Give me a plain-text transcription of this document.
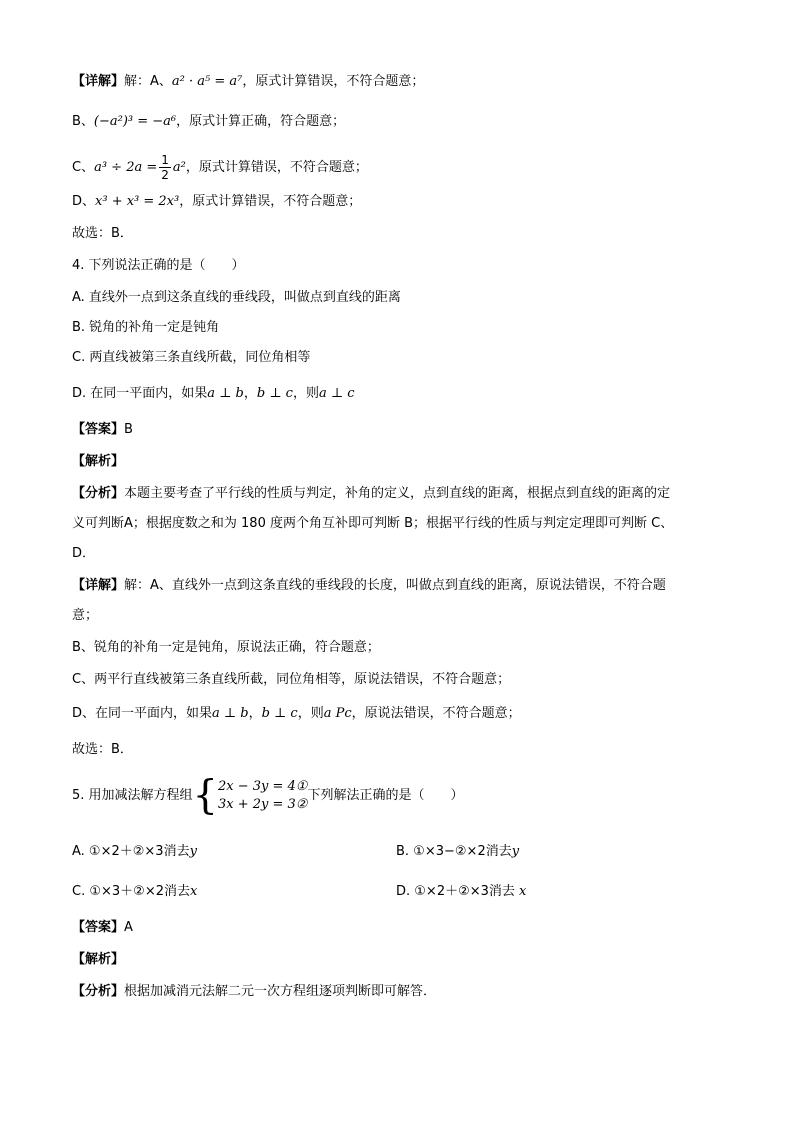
【详解】解：A、a² · a⁵ = a⁷，原式计算错误，不符合题意；
B、(−a²)³ = −a⁶，原式计算正确，符合题意；
C、$a^3 \div 2a = \frac{1}{2} a^2$，原式计算错误，不符合题意；
D、x³ + x³ = 2x³，原式计算错误，不符合题意；
故选：B．
4. 下列说法正确的是（　　）
A. 直线外一点到这条直线的垂线段，叫做点到直线的距离
B. 锐角的补角一定是钝角
C. 两直线被第三条直线所截，同位角相等
D. 在同一平面内，如果a ⊥ b，b ⊥ c，则a ⊥ c
【答案】B
【解析】
【分析】本题主要考查了平行线的性质与判定，补角的定义，点到直线的距离，根据点到直线的距离的定
义可判断A；根据度数之和为 180 度两个角互补即可判断 B；根据平行线的性质与判定定理即可判断 C、
D．
【详解】解：A、直线外一点到这条直线的垂线段的长度，叫做点到直线的距离，原说法错误，不符合题
意；
B、锐角的补角一定是钝角，原说法正确，符合题意；
C、两平行直线被第三条直线所截，同位角相等，原说法错误，不符合题意；
D、在同一平面内，如果a ⊥ b，b ⊥ c，则a Pc，原说法错误，不符合题意；
故选：B．
5. 用加减法解方程组{ 2x − 3y = 4①
3x + 2y = 3②
下列解法正确的是（　　）
A. ①×2＋②×3消去y	B. ①×3−②×2消去y
C. ①×3＋②×2消去x	D. ①×2＋②×3消去 x
【答案】A
【解析】
【分析】根据加减消元法解二元一次方程组逐项判断即可解答．
